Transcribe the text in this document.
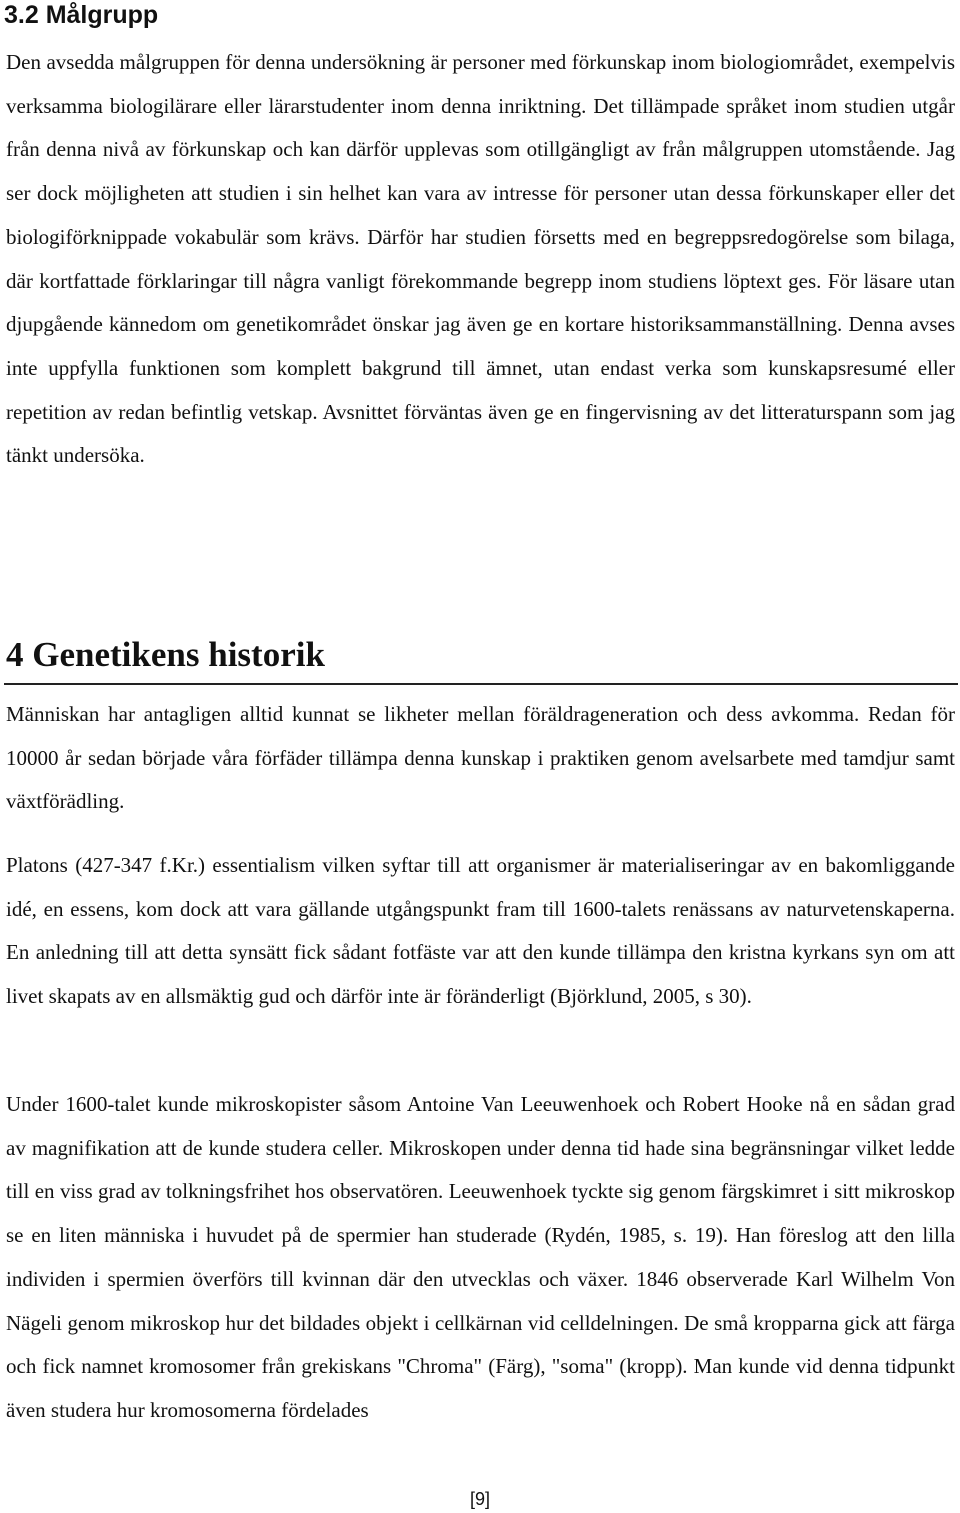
3.2 Målgrupp

Den avsedda målgruppen för denna undersökning är personer med förkunskap inom biologiområdet, exempelvis verksamma biologilärare eller lärarstudenter inom denna inriktning. Det tillämpade språket inom studien utgår från denna nivå av förkunskap och kan därför upplevas som otillgängligt av från målgruppen utomstående. Jag ser dock möjligheten att studien i sin helhet kan vara av intresse för personer utan dessa förkunskaper eller det biologiförknippade vokabulär som krävs. Därför har studien försetts med en begreppsredogörelse som bilaga, där kortfattade förklaringar till några vanligt förekommande begrepp inom studiens löptext ges. För läsare utan djupgående kännedom om genetikområdet önskar jag även ge en kortare historiksammanställning. Denna avses inte uppfylla funktionen som komplett bakgrund till ämnet, utan endast verka som kunskapsresumé eller repetition av redan befintlig vetskap. Avsnittet förväntas även ge en fingervisning av det litteraturspann som jag tänkt undersöka.

4 Genetikens historik

Människan har antagligen alltid kunnat se likheter mellan föräldrageneration och dess avkomma. Redan för 10000 år sedan började våra förfäder tillämpa denna kunskap i praktiken genom avelsarbete med tamdjur samt växtförädling.

Platons (427-347 f.Kr.) essentialism vilken syftar till att organismer är materialiseringar av en bakomliggande idé, en essens, kom dock att vara gällande utgångspunkt fram till 1600-talets renässans av naturvetenskaperna. En anledning till att detta synsätt fick sådant fotfäste var att den kunde tillämpa den kristna kyrkans syn om att livet skapats av en allsmäktig gud och därför inte är föränderligt (Björklund, 2005, s 30).

Under 1600-talet kunde mikroskopister såsom Antoine Van Leeuwenhoek och Robert Hooke nå en sådan grad av magnifikation att de kunde studera celler. Mikroskopen under denna tid hade sina begränsningar vilket ledde till en viss grad av tolkningsfrihet hos observatören. Leeuwenhoek tyckte sig genom färgskimret i sitt mikroskop se en liten människa i huvudet på de spermier han studerade (Rydén, 1985, s. 19). Han föreslog att den lilla individen i spermien överförs till kvinnan där den utvecklas och växer. 1846 observerade Karl Wilhelm Von Nägeli genom mikroskop hur det bildades objekt i cellkärnan vid celldelningen. De små kropparna gick att färga och fick namnet kromosomer från grekiskans "Chroma" (Färg), "soma" (kropp). Man kunde vid denna tidpunkt även studera hur kromosomerna fördelades

[9]
